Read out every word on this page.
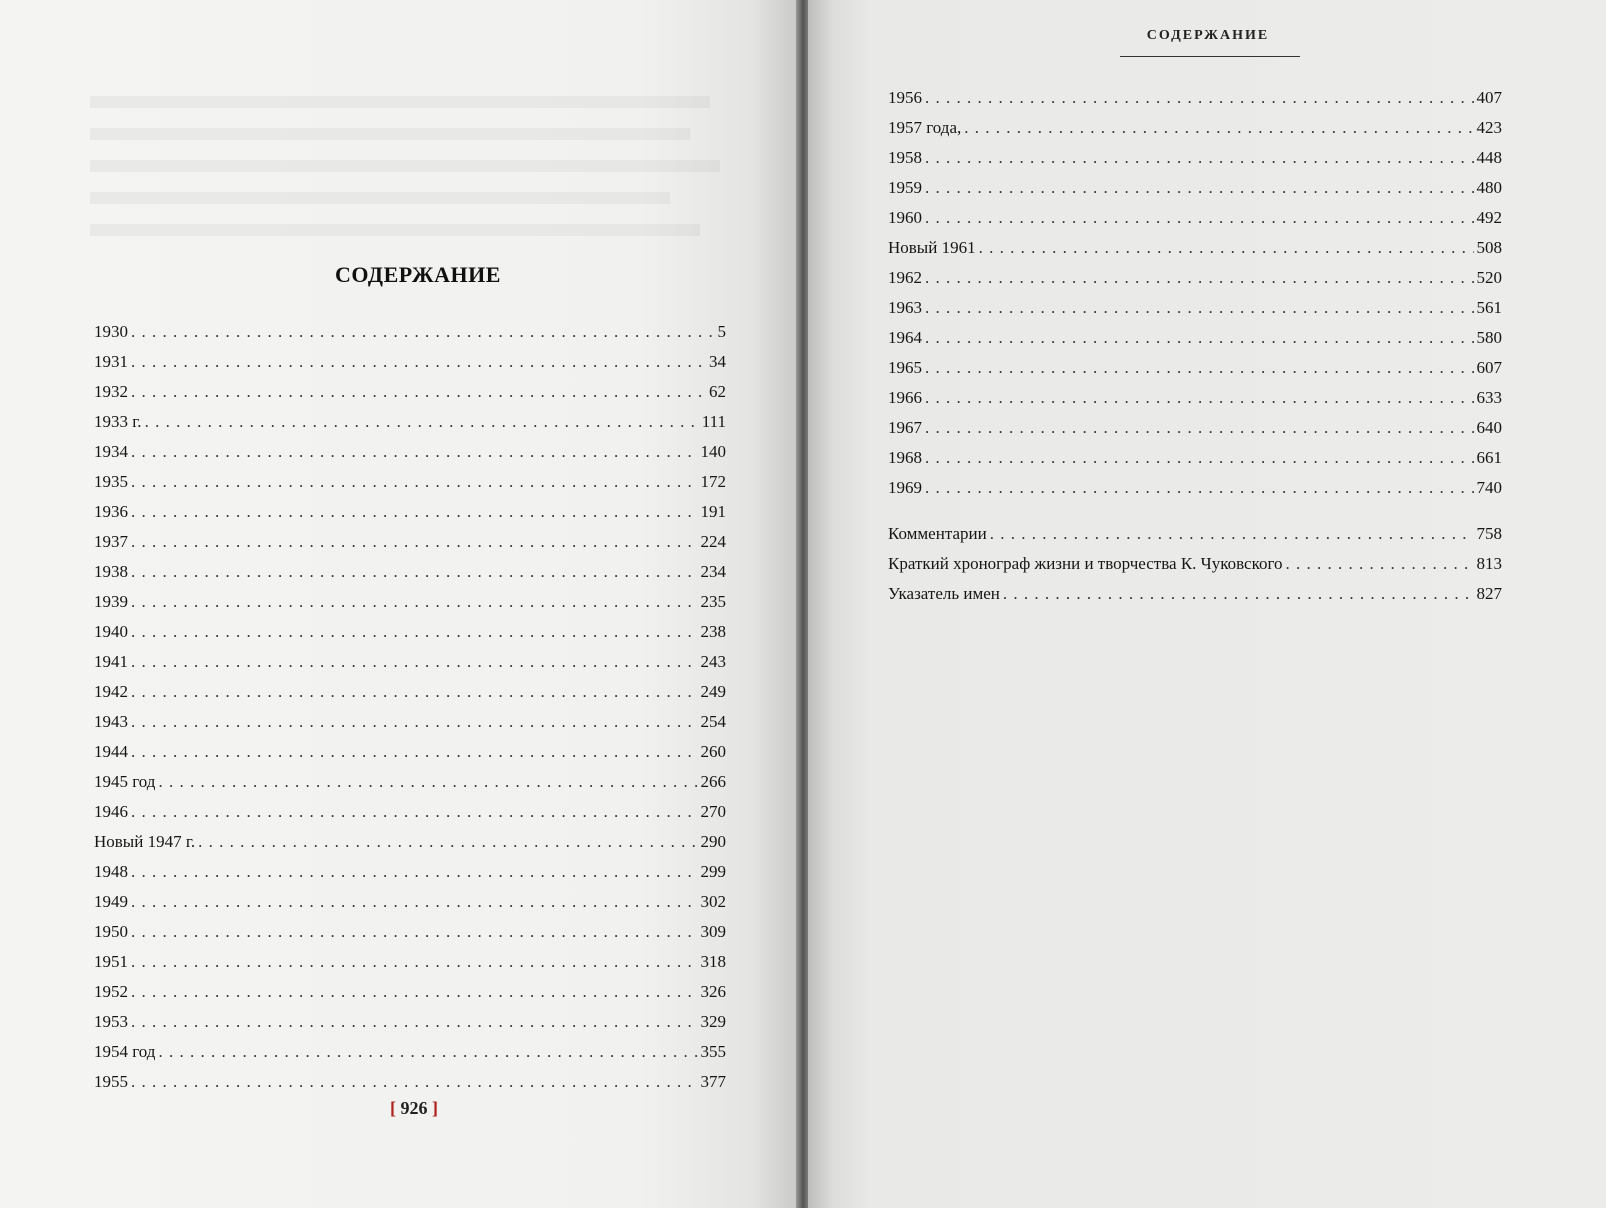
СОДЕРЖАНИЕ
1930 . . .	5
1931 . . .	34
1932 . . .	62
1933 г. . . .	111
1934 . . .	140
1935 . . .	172
1936 . . .	191
1937 . . .	224
1938 . . .	234
1939 . . .	235
1940 . . .	238
1941 . . .	243
1942 . . .	249
1943 . . .	254
1944 . . .	260
1945 год . . .	266
1946 . . .	270
Новый 1947 г. . . .	290
1948 . . .	299
1949 . . .	302
1950 . . .	309
1951 . . .	318
1952 . . .	326
1953 . . .	329
1954 год . . .	355
1955 . . .	377
[ 926 ]
СОДЕРЖАНИЕ
1956 . . .	407
1957 года, . . .	423
1958 . . .	448
1959 . . .	480
1960 . . .	492
Новый 1961 . . .	508
1962 . . .	520
1963 . . .	561
1964 . . .	580
1965 . . .	607
1966 . . .	633
1967 . . .	640
1968 . . .	661
1969 . . .	740
Комментарии . . .	758
Краткий хронограф жизни и творчества К. Чуковского . . .	813
Указатель имен . . .	827
